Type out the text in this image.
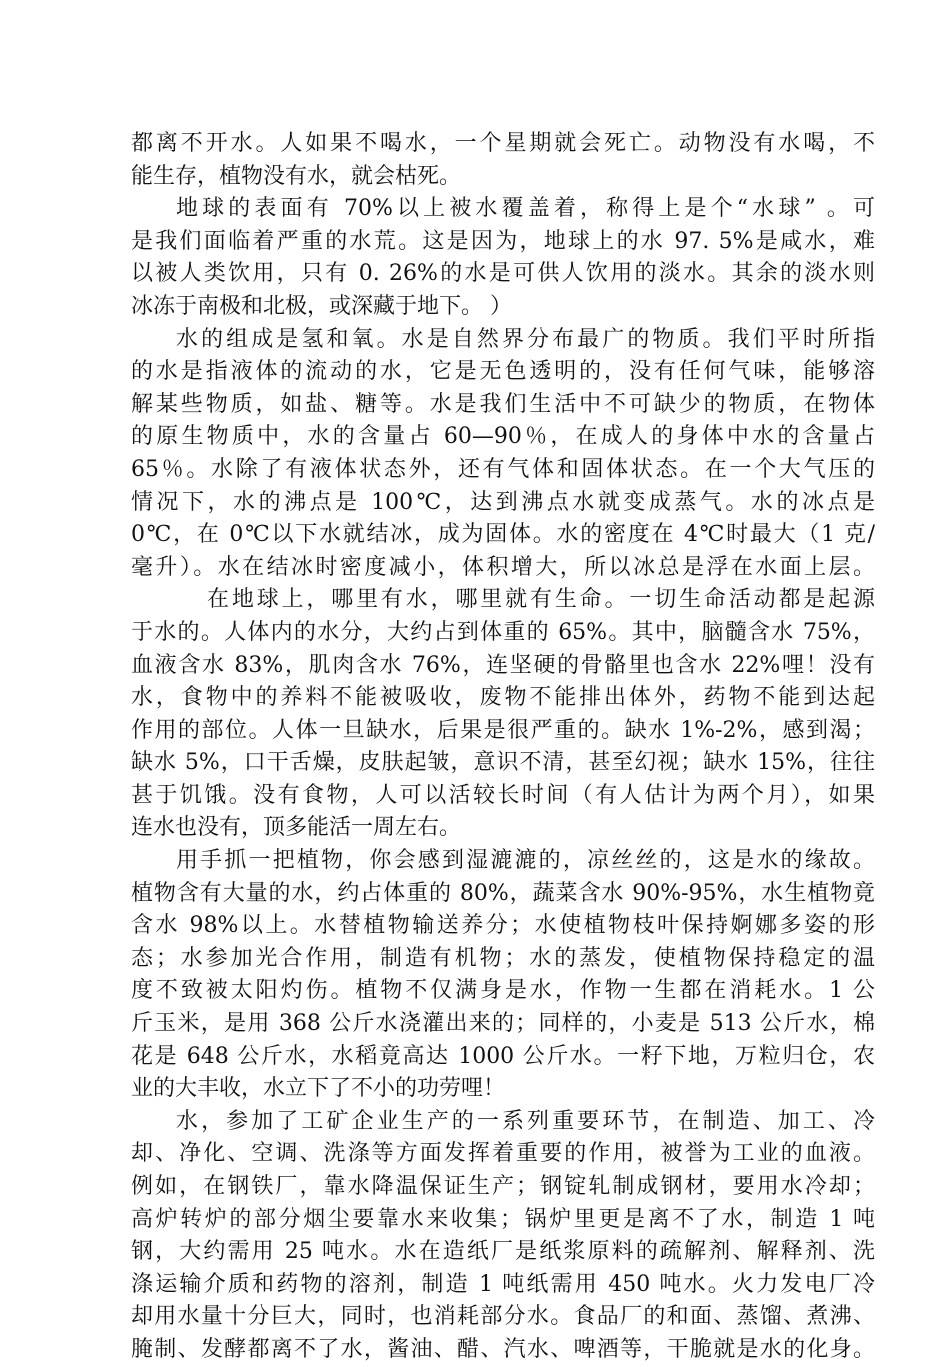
都离不开水。人如果不喝水，一个星期就会死亡。动物没有水喝，不
能生存，植物没有水，就会枯死。
地球的表面有 70%以上被水覆盖着，称得上是个“水球” 。可
是我们面临着严重的水荒。这是因为，地球上的水 97. 5%是咸水，难
以被人类饮用，只有 0. 26%的水是可供人饮用的淡水。其余的淡水则
冰冻于南极和北极，或深藏于地下。 ）
水的组成是氢和氧。水是自然界分布最广的物质。我们平时所指
的水是指液体的流动的水，它是无色透明的，没有任何气味，能够溶
解某些物质，如盐、糖等。水是我们生活中不可缺少的物质，在物体
的原生物质中，水的含量占 60—90％，在成人的身体中水的含量占
65％。水除了有液体状态外，还有气体和固体状态。在一个大气压的
情况下，水的沸点是 100℃，达到沸点水就变成蒸气。水的冰点是
0℃，在 0℃以下水就结冰，成为固体。水的密度在 4℃时最大（1 克/
毫升）。水在结冰时密度减小，体积增大，所以冰总是浮在水面上层。
在地球上，哪里有水，哪里就有生命。一切生命活动都是起源
于水的。人体内的水分，大约占到体重的 65%。其中，脑髓含水 75%，
血液含水 83%，肌肉含水 76%，连坚硬的骨骼里也含水 22%哩！没有
水，食物中的养料不能被吸收，废物不能排出体外，药物不能到达起
作用的部位。人体一旦缺水，后果是很严重的。缺水 1%-2%，感到渴；
缺水 5%，口干舌燥，皮肤起皱，意识不清，甚至幻视；缺水 15%，往往
甚于饥饿。没有食物，人可以活较长时间（有人估计为两个月），如果
连水也没有，顶多能活一周左右。
用手抓一把植物，你会感到湿漉漉的，凉丝丝的，这是水的缘故。
植物含有大量的水，约占体重的 80%，蔬菜含水 90%-95%，水生植物竟
含水 98%以上。水替植物输送养分；水使植物枝叶保持婀娜多姿的形
态；水参加光合作用，制造有机物；水的蒸发，使植物保持稳定的温
度不致被太阳灼伤。植物不仅满身是水，作物一生都在消耗水。1 公
斤玉米，是用 368 公斤水浇灌出来的；同样的，小麦是 513 公斤水，棉
花是 648 公斤水，水稻竟高达 1000 公斤水。一籽下地，万粒归仓，农
业的大丰收，水立下了不小的功劳哩！
水，参加了工矿企业生产的一系列重要环节，在制造、加工、冷
却、净化、空调、洗涤等方面发挥着重要的作用，被誉为工业的血液。
例如，在钢铁厂，靠水降温保证生产；钢锭轧制成钢材，要用水冷却；
高炉转炉的部分烟尘要靠水来收集；锅炉里更是离不了水，制造 1 吨
钢，大约需用 25 吨水。水在造纸厂是纸浆原料的疏解剂、解释剂、洗
涤运输介质和药物的溶剂，制造 1 吨纸需用 450 吨水。火力发电厂冷
却用水量十分巨大，同时，也消耗部分水。食品厂的和面、蒸馏、煮沸、
腌制、发酵都离不了水，酱油、醋、汽水、啤酒等，干脆就是水的化身。
